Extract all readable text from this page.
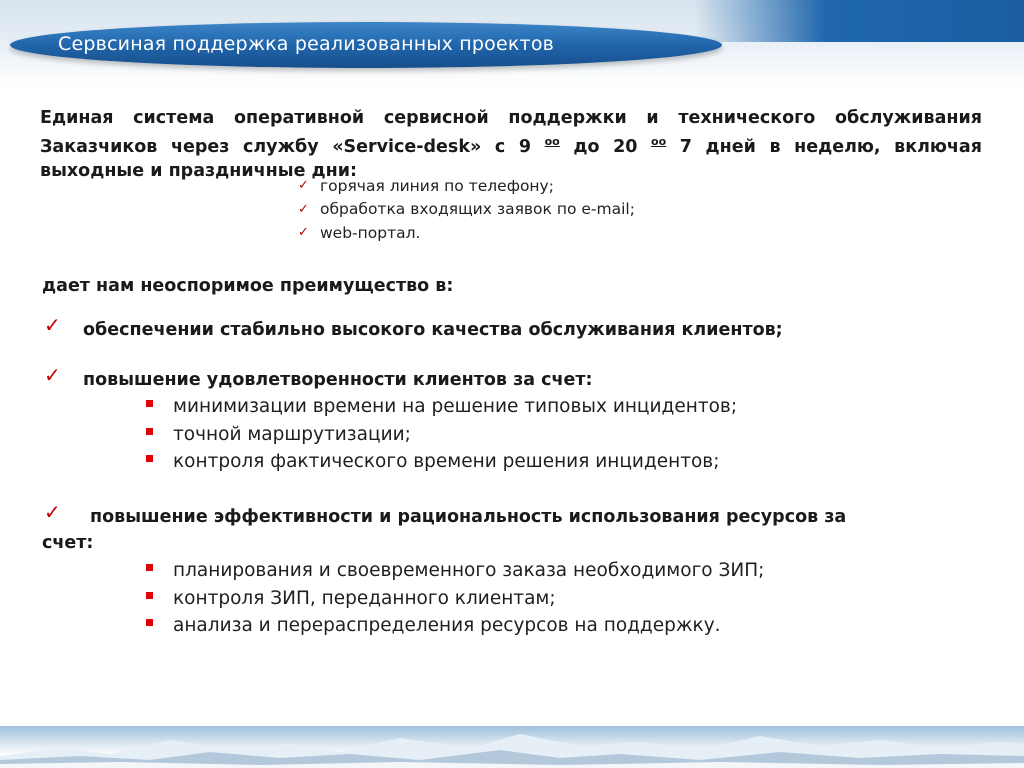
Сервсиная поддержка реализованных проектов
Единая система оперативной сервисной поддержки и технического обслуживания Заказчиков через службу «Service-desk» с 9 $^{оо}$ до 20 $^{оо}$ 7 дней в неделю, включая выходные и праздничные дни:
✓ горячая линия по телефону;
✓ обработка входящих заявок по e-mail;
✓ web-портал.
дает нам неоспоримое преимущество в:
✓ обеспечении стабильно высокого качества обслуживания клиентов;
✓ повышение удовлетворенности клиентов за счет:
минимизации времени на решение типовых инцидентов;
точной маршрутизации;
контроля фактического времени решения инцидентов;
✓ повышение эффективности и рациональность использования ресурсов за
счет:
планирования и своевременного заказа необходимого ЗИП;
контроля ЗИП, переданного клиентам;
анализа и перераспределения ресурсов на поддержку.
